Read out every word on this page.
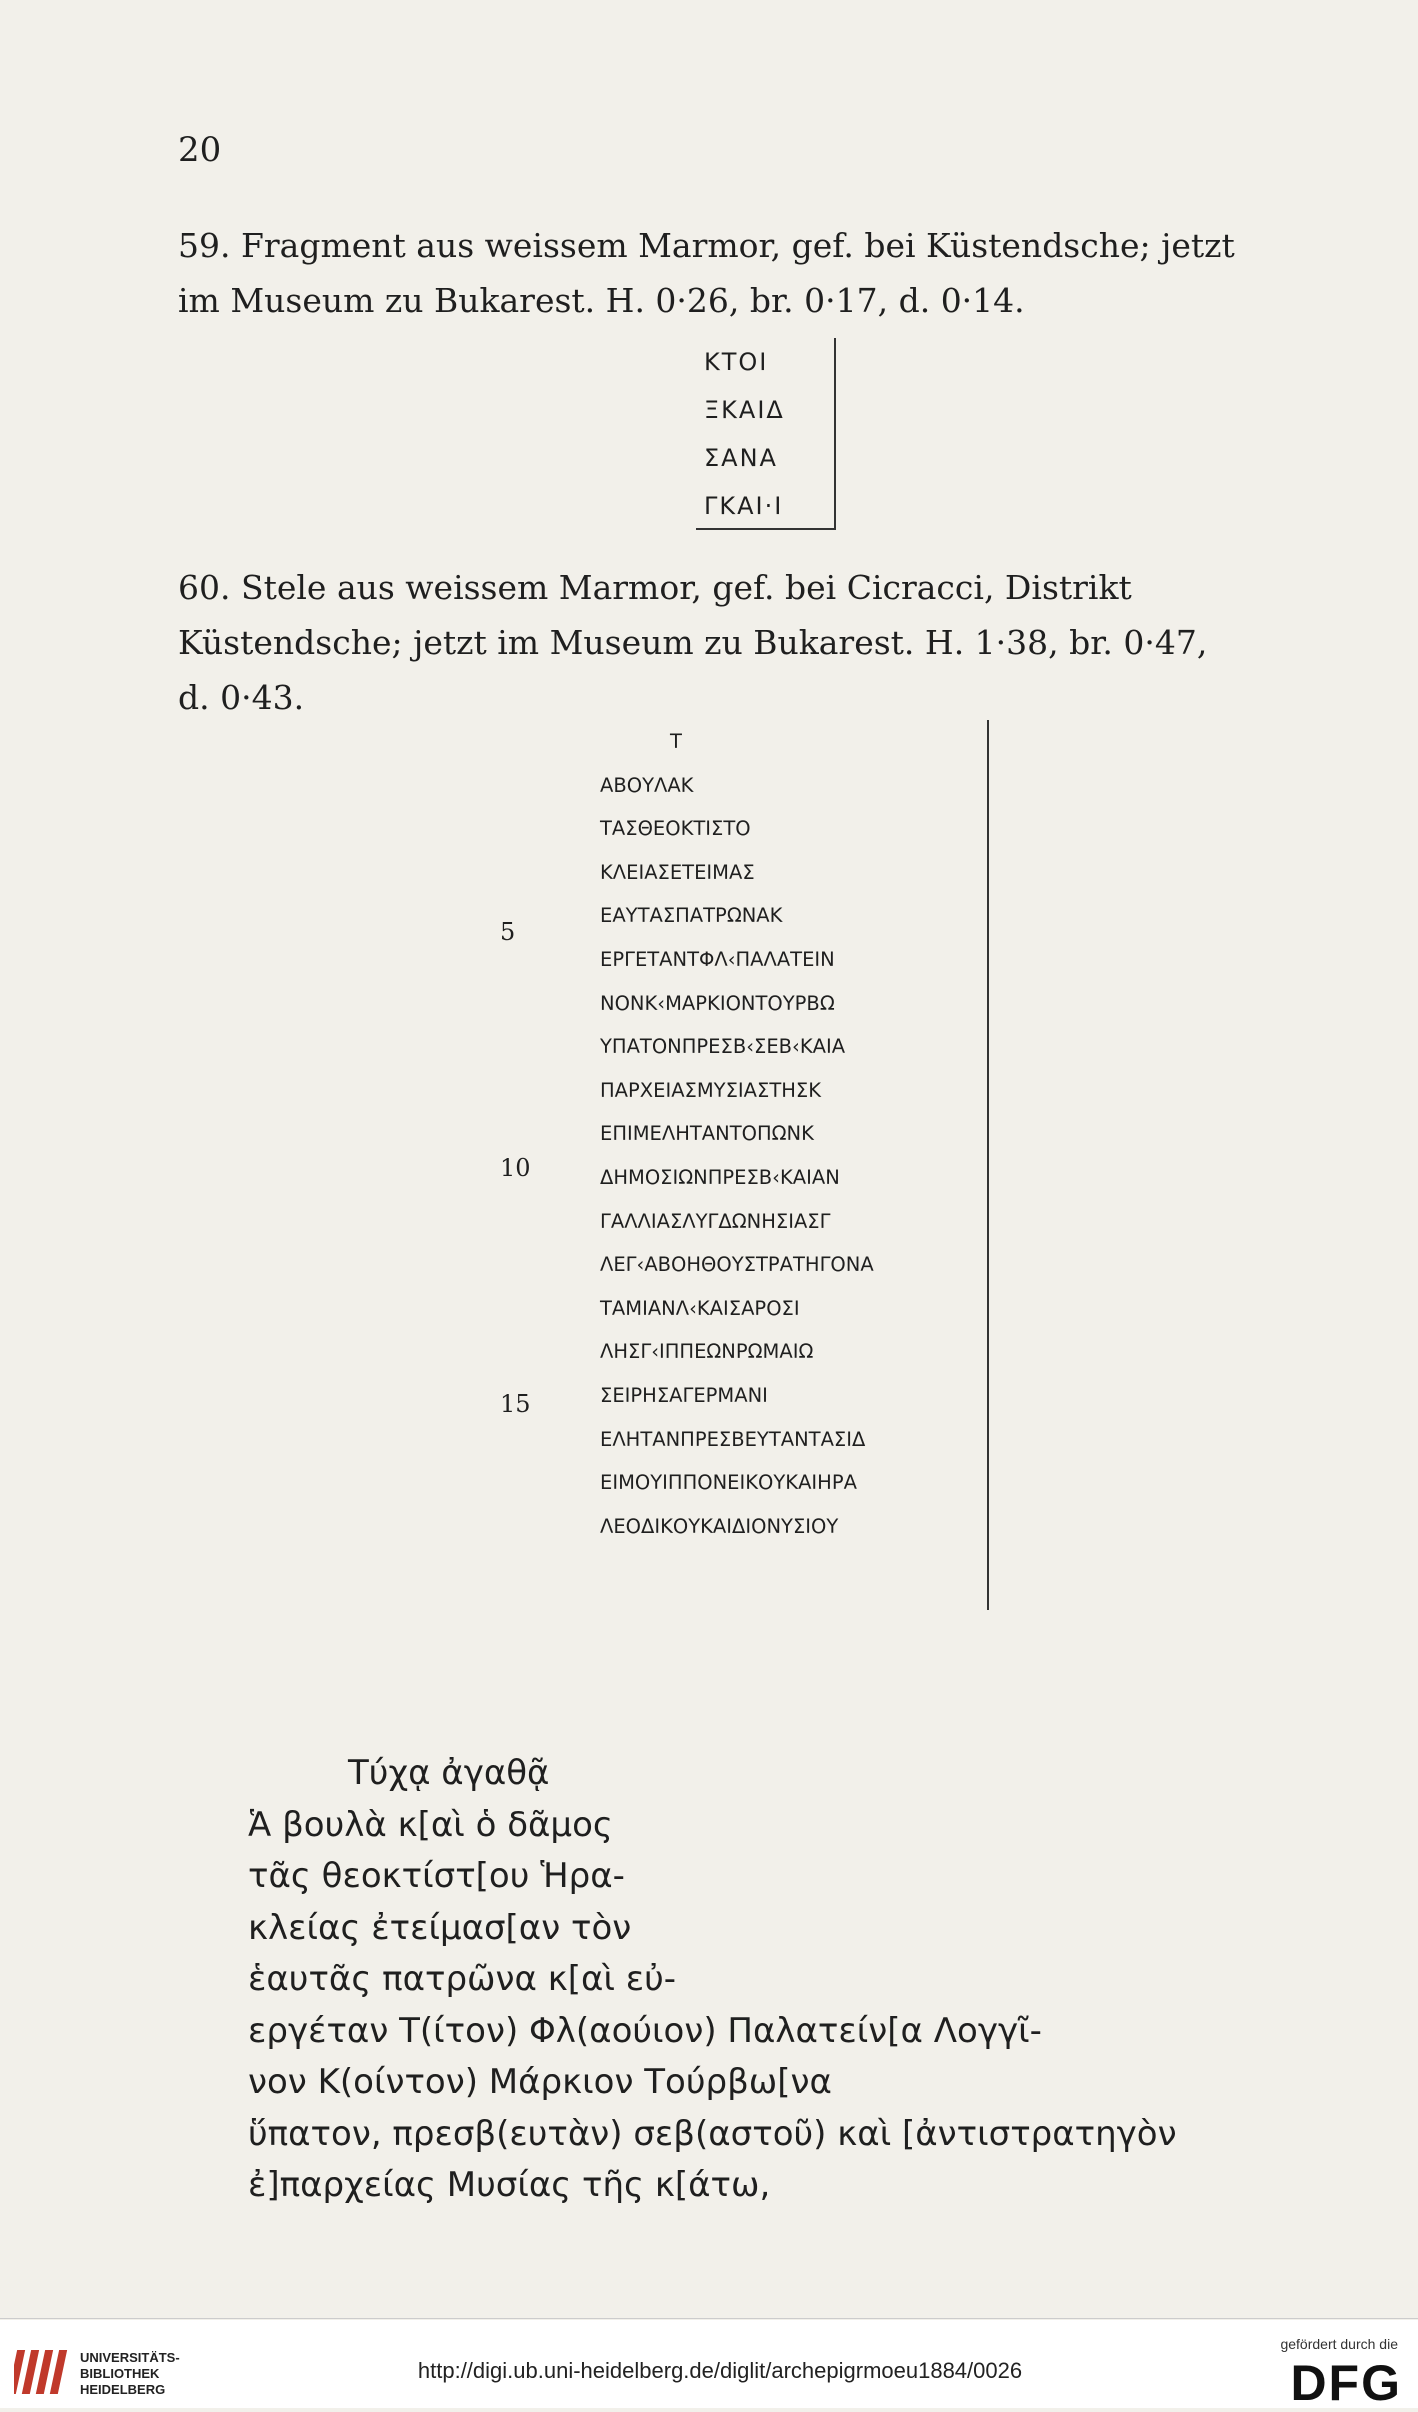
20
59. Fragment aus weissem Marmor, gef. bei Küstendsche; jetzt
im Museum zu Bukarest. H. 0·26, br. 0·17, d. 0·14.
ΚΤΟΙ
ΞΚΑΙΔ
ΣΑΝΑ
ΓΚΑΙ·Ι
60. Stele aus weissem Marmor, gef. bei Cicracci, Distrikt
Küstendsche; jetzt im Museum zu Bukarest. H. 1·38, br. 0·47,
d. 0·43.
5
10
15
Τ
ΑΒΟΥΛΑΚ
ΤΑΣΘΕΟΚΤΙΣΤΟ
ΚΛΕΙΑΣΕΤΕΙΜΑΣ
ΕΑΥΤΑΣΠΑΤΡΩΝΑΚ
ΕΡΓΕΤΑΝΤΦΛ‹ΠΑΛΑΤΕΙΝ
ΝΟΝΚ‹ΜΑΡΚΙΟΝΤΟΥΡΒΩ
ΥΠΑΤΟΝΠΡΕΣΒ‹ΣΕΒ‹ΚΑΙΑ
ΠΑΡΧΕΙΑΣΜΥΣΙΑΣΤΗΣΚ
ΕΠΙΜΕΛΗΤΑΝΤΟΠΩΝΚ
ΔΗΜΟΣΙΩΝΠΡΕΣΒ‹ΚΑΙΑΝ
ΓΑΛΛΙΑΣΛΥΓΔΩΝΗΣΙΑΣΓ
ΛΕΓ‹ΑΒΟΗΘΟΥΣΤΡΑΤΗΓΟΝΑ
ΤΑΜΙΑΝΛ‹ΚΑΙΣΑΡΟΣΙ
ΛΗΣΓ‹ΙΠΠΕΩΝΡΩΜΑΙΩ
ΣΕΙΡΗΣΑΓΕΡΜΑΝΙ
ΕΛΗΤΑΝΠΡΕΣΒΕΥΤΑΝΤΑΣΙΔ
ΕΙΜΟΥΙΠΠΟΝΕΙΚΟΥΚΑΙΗΡΑ
ΛΕΟΔΙΚΟΥΚΑΙΔΙΟΝΥΣΙΟΥ
Τύχᾳ ἀγαθᾷ
Ἁ βουλὰ κ[αὶ ὁ δᾶμος
τᾶς θεοκτίστ[ου Ἡρα-
κλείας ἐτείμασ[αν τὸν
ἑαυτᾶς πατρῶνα κ[αὶ εὐ-
εργέταν Τ(ίτον) Φλ(αούιον) Παλατείν[α Λογγῖ-
νον Κ(οίντον) Μάρκιον Τούρβω[να
ὕπατον, πρεσβ(ευτὰν) σεβ(αστοῦ) καὶ [ἀντιστρατηγὸν
ἐ]παρχείας Μυσίας τῆς κ[άτω,
UNIVERSITÄTS-
BIBLIOTHEK
HEIDELBERG
http://digi.ub.uni-heidelberg.de/diglit/archepigrmoeu1884/0026
gefördert durch die
DFG
